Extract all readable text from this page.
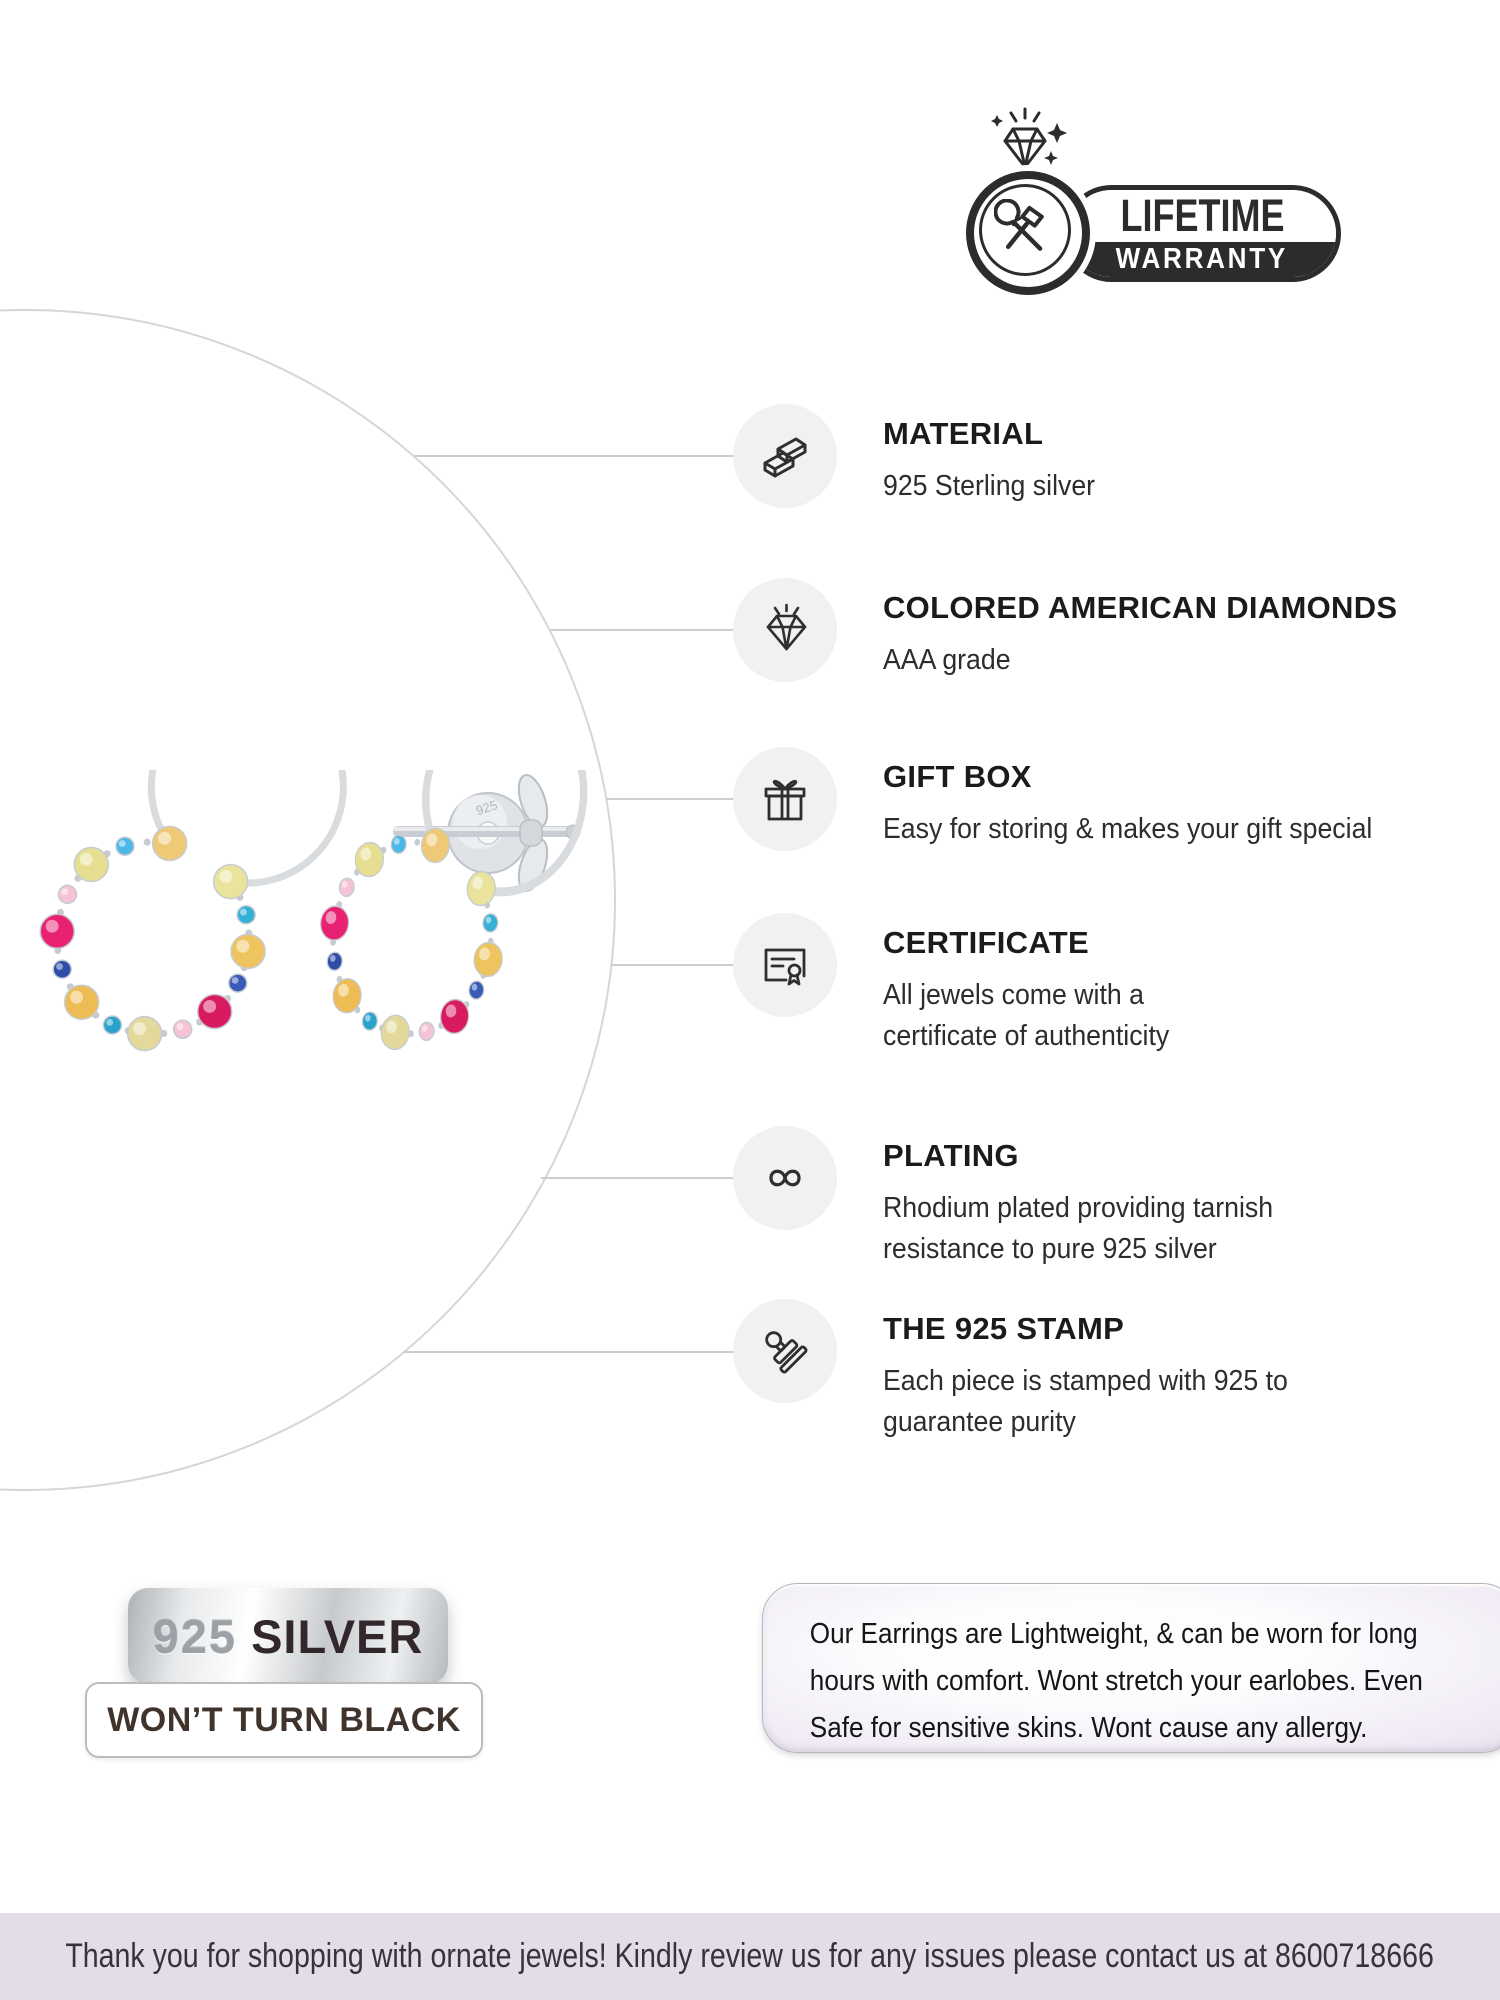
925
LIFETIME
WARRANTY
MATERIAL
925 Sterling silver
COLORED AMERICAN DIAMONDS
AAA grade
GIFT BOX
Easy for storing & makes your gift special
CERTIFICATE
All jewels come with a
certificate of authenticity
PLATING
Rhodium plated providing tarnish
resistance to pure 925 silver
THE 925 STAMP
Each piece is stamped with 925 to
guarantee purity
925 SILVER
WON’T TURN BLACK
Our Earrings are Lightweight, & can be worn for long
hours with comfort. Wont stretch your earlobes. Even
Safe for sensitive skins. Wont cause any allergy.
Thank you for shopping with ornate jewels! Kindly review us for any issues please contact us at 8600718666
